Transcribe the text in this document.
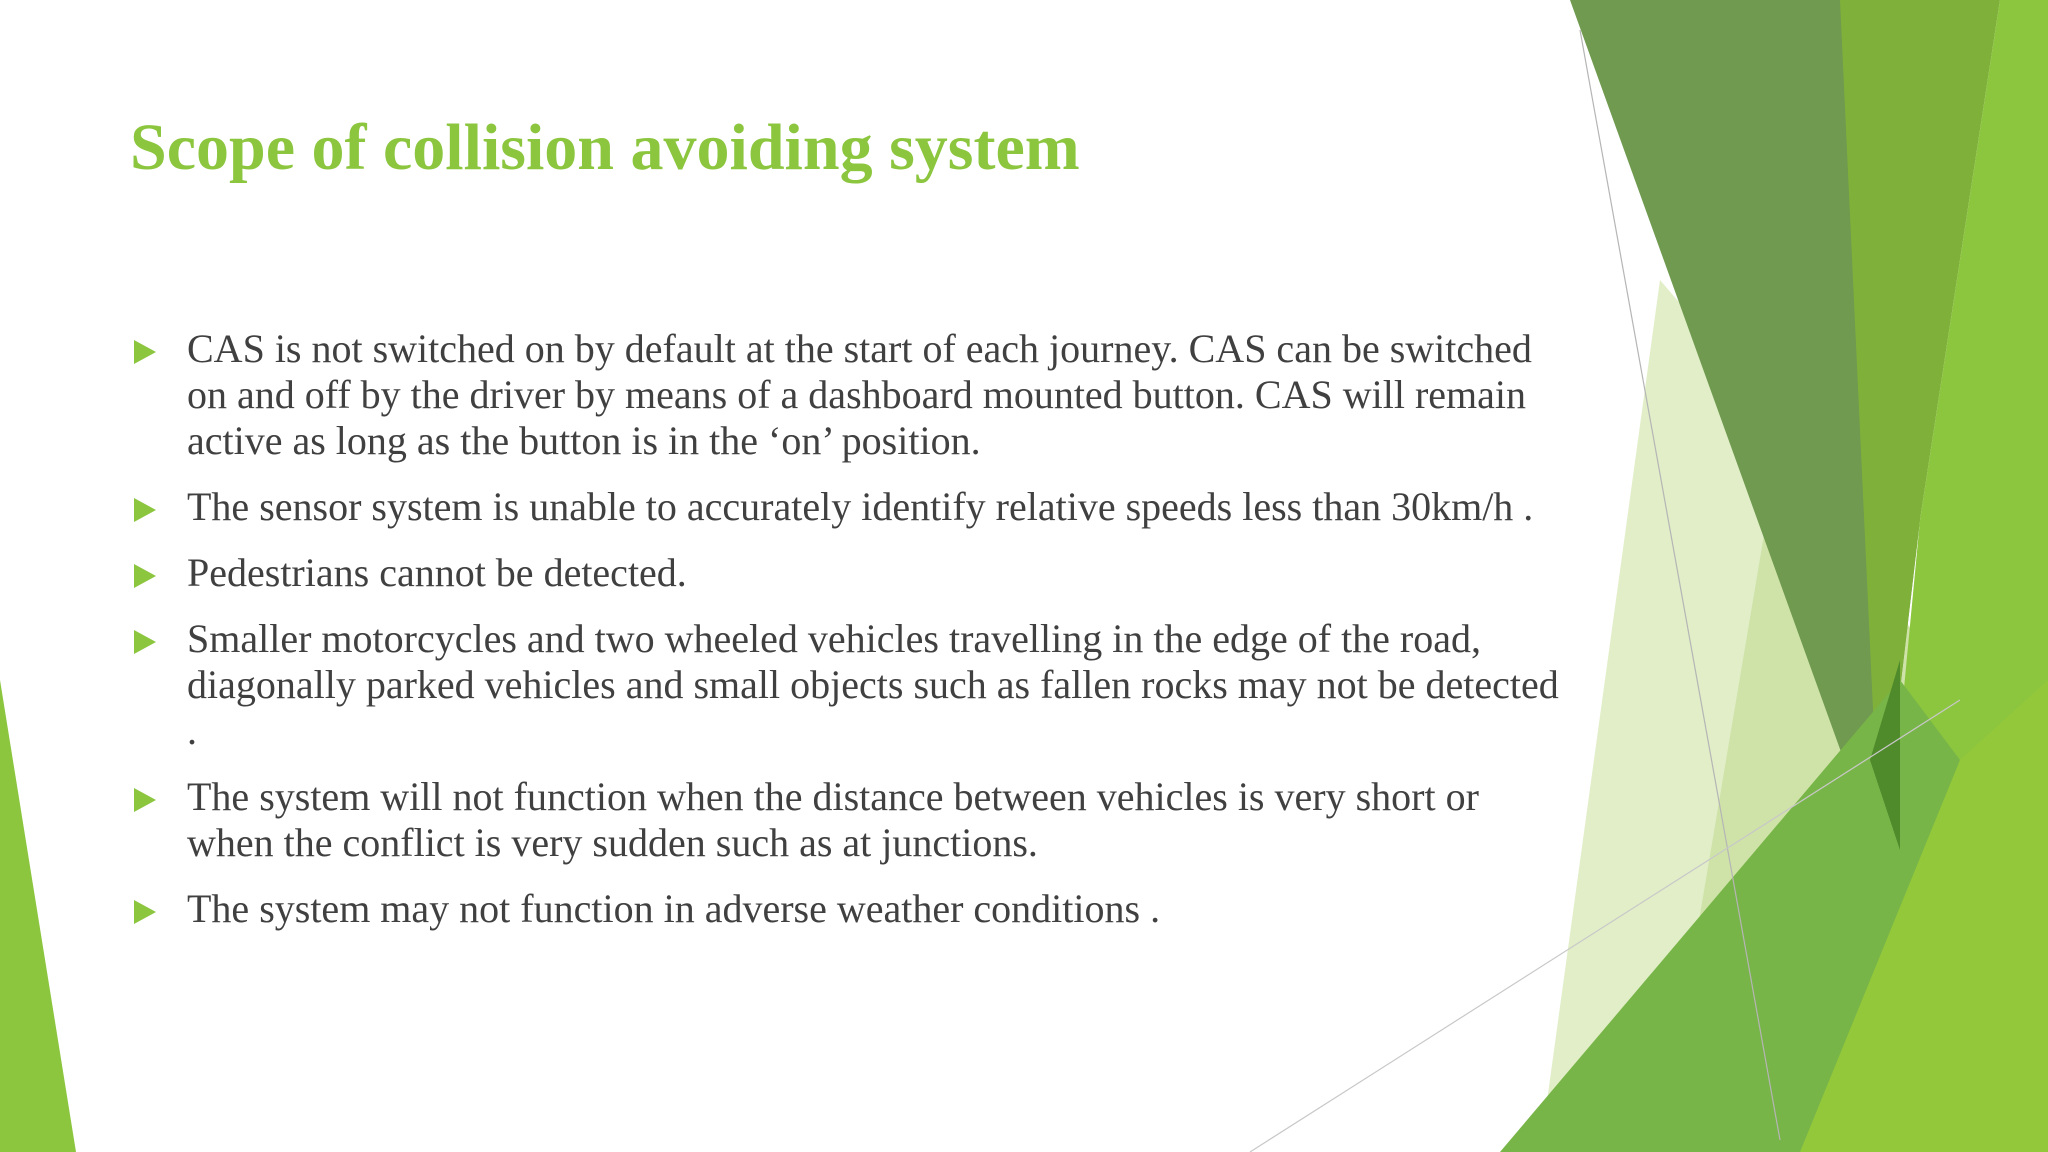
Scope of collision avoiding system
CAS is not switched on by default at the start of each journey. CAS can be switched on and off by the driver by means of a dashboard mounted button. CAS will remain active as long as the button is in the ‘on’ position.
The sensor system is unable to accurately identify relative speeds less than 30km/h .
Pedestrians cannot be detected.
Smaller motorcycles and two wheeled vehicles travelling in the edge of the road, diagonally parked vehicles and small objects such as fallen rocks may not be detected .
The system will not function when the distance between vehicles is very short or when the conflict is very sudden such as at junctions.
The system may not function in adverse weather conditions .
